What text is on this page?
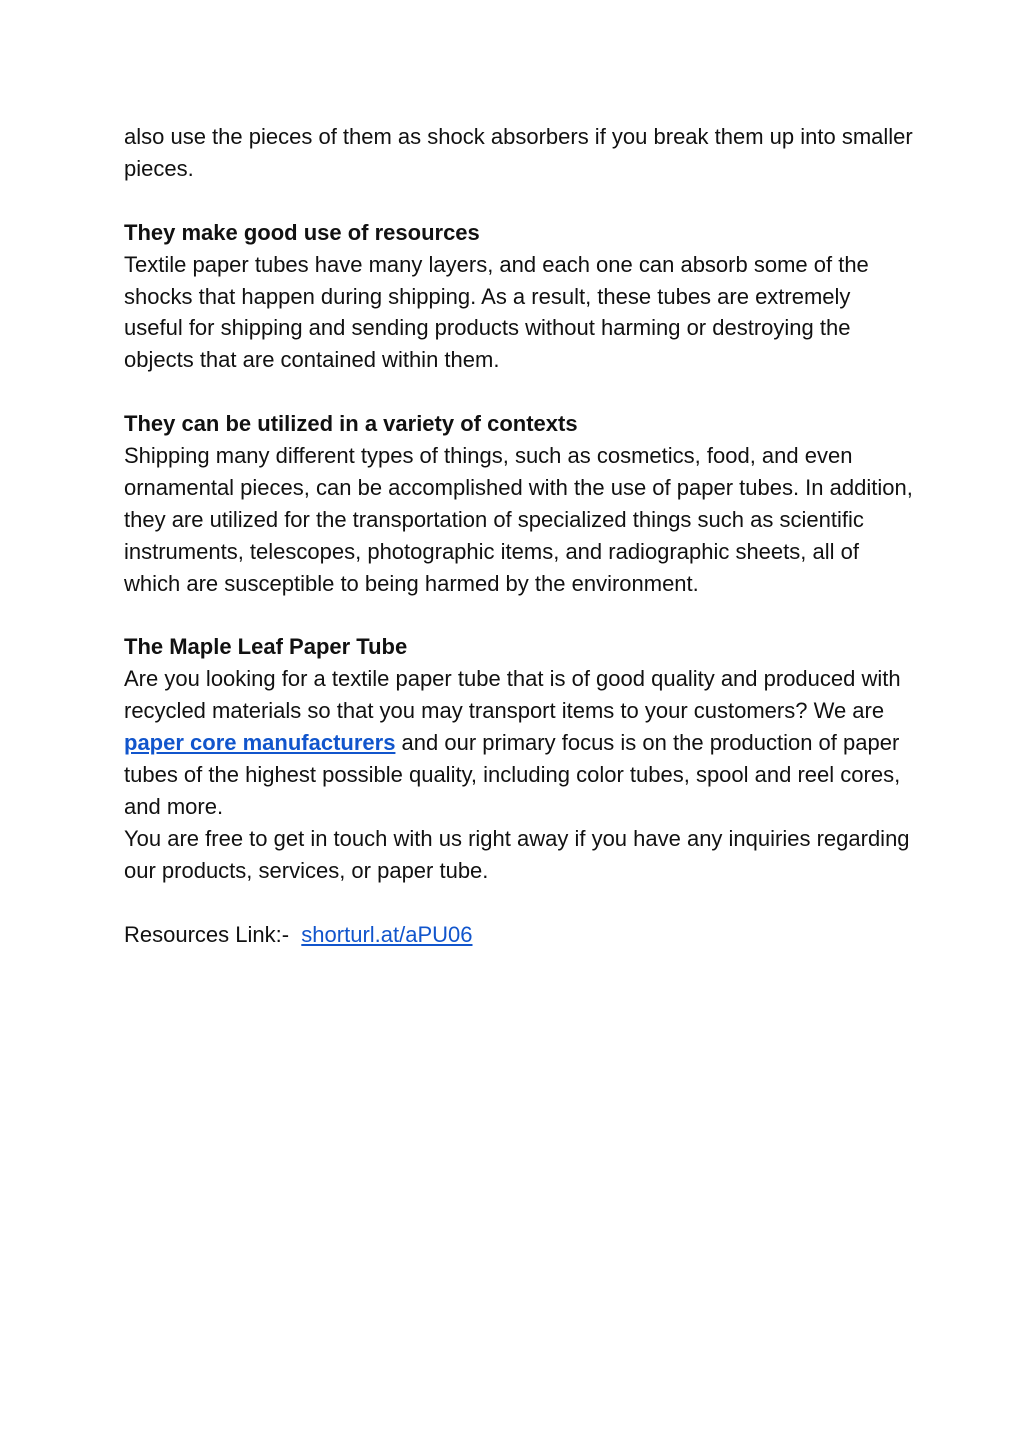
also use the pieces of them as shock absorbers if you break them up into smaller pieces.

They make good use of resources

Textile paper tubes have many layers, and each one can absorb some of the shocks that happen during shipping. As a result, these tubes are extremely useful for shipping and sending products without harming or destroying the objects that are contained within them.

They can be utilized in a variety of contexts

Shipping many different types of things, such as cosmetics, food, and even ornamental pieces, can be accomplished with the use of paper tubes. In addition, they are utilized for the transportation of specialized things such as scientific instruments, telescopes, photographic items, and radiographic sheets, all of which are susceptible to being harmed by the environment.

The Maple Leaf Paper Tube

Are you looking for a textile paper tube that is of good quality and produced with recycled materials so that you may transport items to your customers? We are paper core manufacturers and our primary focus is on the production of paper tubes of the highest possible quality, including color tubes, spool and reel cores, and more.

You are free to get in touch with us right away if you have any inquiries regarding our products, services, or paper tube.

Resources Link:-  shorturl.at/aPU06
